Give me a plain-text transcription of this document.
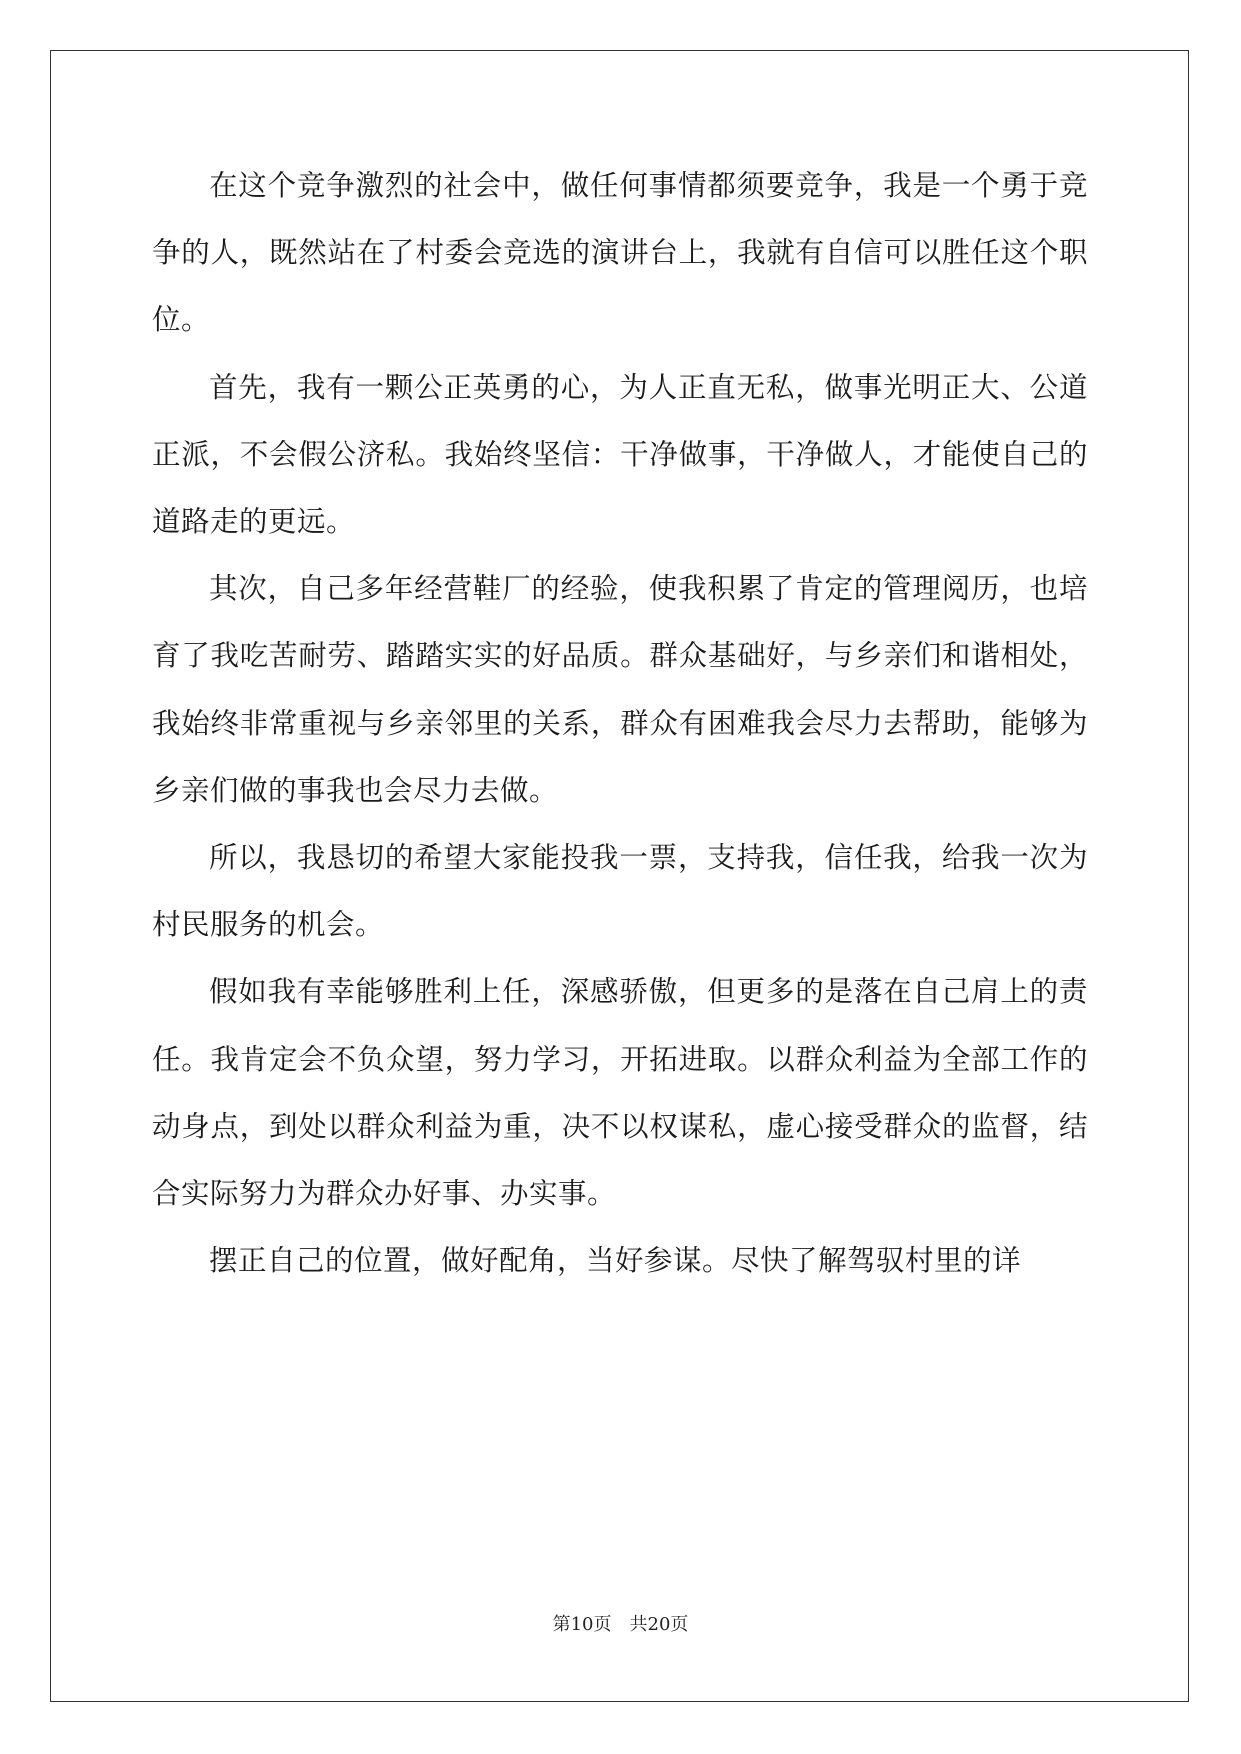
在这个竞争激烈的社会中，做任何事情都须要竞争，我是一个勇于竞争的人，既然站在了村委会竞选的演讲台上，我就有自信可以胜任这个职位。

首先，我有一颗公正英勇的心，为人正直无私，做事光明正大、公道正派，不会假公济私。我始终坚信：干净做事，干净做人，才能使自己的道路走的更远。

其次，自己多年经营鞋厂的经验，使我积累了肯定的管理阅历，也培育了我吃苦耐劳、踏踏实实的好品质。群众基础好，与乡亲们和谐相处，我始终非常重视与乡亲邻里的关系，群众有困难我会尽力去帮助，能够为乡亲们做的事我也会尽力去做。

所以，我恳切的希望大家能投我一票，支持我，信任我，给我一次为村民服务的机会。

假如我有幸能够胜利上任，深感骄傲，但更多的是落在自己肩上的责任。我肯定会不负众望，努力学习，开拓进取。以群众利益为全部工作的动身点，到处以群众利益为重，决不以权谋私，虚心接受群众的监督，结合实际努力为群众办好事、办实事。

摆正自己的位置，做好配角，当好参谋。尽快了解驾驭村里的详

第10页 共20页
